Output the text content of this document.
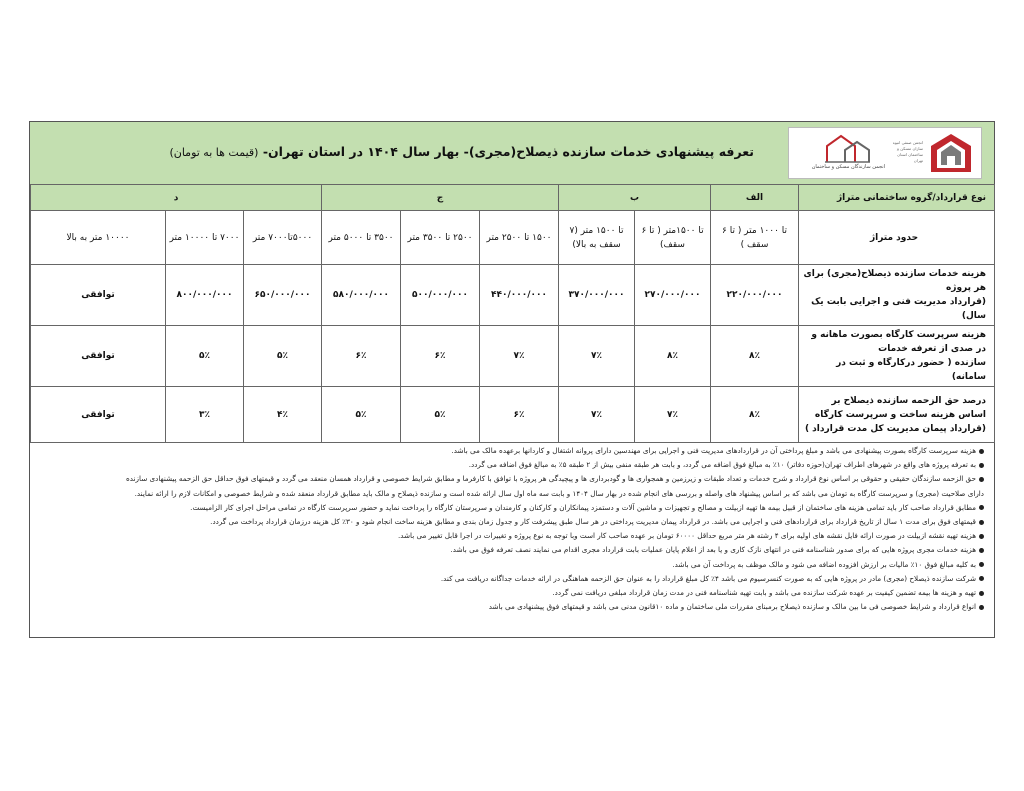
انجمن صنفی انبوه سازان مسکن و ساختمان استان تهران
انجمن سازندگان مسکن و ساختمان
تعرفه پیشنهادی خدمات سازنده ذیصلاح(مجری)- بهار سال ۱۴۰۴ در استان تهران- (قیمت ها به تومان)
نوع قرارداد/گروه ساختمانی متراژ	الف	ب		ج			د		
حدود متراژ	تا ۱۰۰۰ متر ( تا ۶ سقف )	تا ۱۵۰۰متر ( تا ۶ سقف)	تا ۱۵۰۰ متر (۷ سقف به بالا)	۱۵۰۰ تا ۲۵۰۰ متر	۲۵۰۰ تا ۳۵۰۰ متر	۳۵۰۰ تا ۵۰۰۰ متر	۵۰۰۰تا۷۰۰۰ متر	۷۰۰۰ تا ۱۰۰۰۰ متر	۱۰۰۰۰ متر به بالا

هزینه خدمات سازنده ذیصلاح(مجری) برای هر پروژه
(قرارداد مدیریت فنی و اجرایی بابت یک سال)	۲۲۰/۰۰۰/۰۰۰	۲۷۰/۰۰۰/۰۰۰	۳۷۰/۰۰۰/۰۰۰	۴۴۰/۰۰۰/۰۰۰	۵۰۰/۰۰۰/۰۰۰	۵۸۰/۰۰۰/۰۰۰	۶۵۰/۰۰۰/۰۰۰	۸۰۰/۰۰۰/۰۰۰	توافقی

هزینه سرپرست کارگاه بصورت ماهانه و در صدی از تعرفه خدمات
سازنده ( حضور درکارگاه و ثبت در سامانه)	۸٪	۸٪	۷٪	۷٪	۶٪	۶٪	۵٪	۵٪	توافقی

درصد حق الزحمه سازنده ذیصلاح بر اساس هزینه ساخت و سرپرست کارگاه
(قرارداد پیمان مدیریت کل مدت قرارداد )	۸٪	۷٪	۷٪	۶٪	۵٪	۵٪	۴٪	۳٪	توافقی
هزینه سرپرست کارگاه بصورت پیشنهادی می باشد و مبلغ پرداختی آن در قراردادهای مدیریت فنی و اجرایی برای مهندسین دارای پروانه اشتغال و کاردانها برعهده مالک می باشد.
به تعرفه پروژه های واقع در شهرهای اطراف تهران(حوزه دفاتر) ۱۰٪ به مبالغ فوق اضافه می گردد، و بابت هر طبقه منفی بیش از ۲ طبقه ۵٪ به مبالغ فوق اضافه می گردد.
حق الزحمه سازندگان حقیقی و حقوقی بر اساس نوع قرارداد و شرح خدمات و تعداد طبقات و زیرزمین و همجواری ها و گودبرداری ها و پیچیدگی هر پروژه با توافق با کارفرما و مطابق شرایط خصوصی و قرارداد همسان منعقد می گردد و قیمتهای فوق حداقل حق الزحمه پیشنهادی سازنده
دارای صلاحیت (مجری) و سرپرست کارگاه به تومان می باشد که بر اساس پیشنهاد های واصله و بررسی های انجام شده در بهار سال ۱۴۰۴ و بابت سه ماه اول سال ارائه شده است و سازنده ذیصلاح و مالک باید مطابق قرارداد منعقد شده و شرایط خصوصی و امکانات لازم را ارائه نمایند.
مطابق قرارداد صاحب کار باید تمامی هزینه های ساختمان از قبیل بیمه ها تهیه ازبیلت و مصالح و تجهیزات و ماشین آلات و دستمزد پیمانکاران و کارکنان و کارمندان و سرپرستان کارگاه را پرداخت نماید و حضور سرپرست کارگاه در تمامی مراحل اجرای کار الزامیست.
قیمتهای فوق برای مدت ۱ سال از تاریخ قرارداد برای قراردادهای فنی و اجرایی می باشد. در قرارداد پیمان مدیریت پرداختی در هر سال طبق پیشرفت کار و جدول زمان بندی و مطابق هزینه ساخت انجام شود و ۳۰٪ کل هزینه درزمان قرارداد پرداخت می گردد.
هزینه تهیه نقشه ازبیلت در صورت ارائه فایل نقشه های اولیه برای ۴ رشته هر متر مربع حداقل ۶۰۰۰۰ تومان بر عهده صاحب کار است وبا توجه به نوع پروژه و تغییرات در اجرا قابل تغییر می باشد.
هزینه خدمات مجری پروژه هایی که برای صدور شناسنامه فنی در انتهای نازک کاری و یا بعد از اعلام پایان عملیات بابت قرارداد مجری اقدام می نمایند نصف تعرفه فوق می باشد.
به کلیه مبالغ فوق ۱۰٪ مالیات بر ارزش افزوده اضافه می شود و مالک موظف به پرداخت آن می باشد.
شرکت سازنده ذیصلاح (مجری) مادر در پروژه هایی که به صورت کنسرسیوم می باشد ۴٪ کل مبلغ قرارداد را به عنوان حق الزحمه هماهنگی در ارائه خدمات جداگانه دریافت می کند.
تهیه و هزینه ها بیمه تضمین کیفیت بر عهده شرکت سازنده می باشد و بابت تهیه شناسنامه فنی در مدت زمان قرارداد مبلغی دریافت نمی گردد.
انواع قرارداد و شرایط خصوصی فی ما بین مالک و سازنده ذیصلاح برمبنای مقررات ملی ساختمان و ماده ۱۰قانون مدنی می باشد و قیمتهای فوق پیشنهادی می باشد
